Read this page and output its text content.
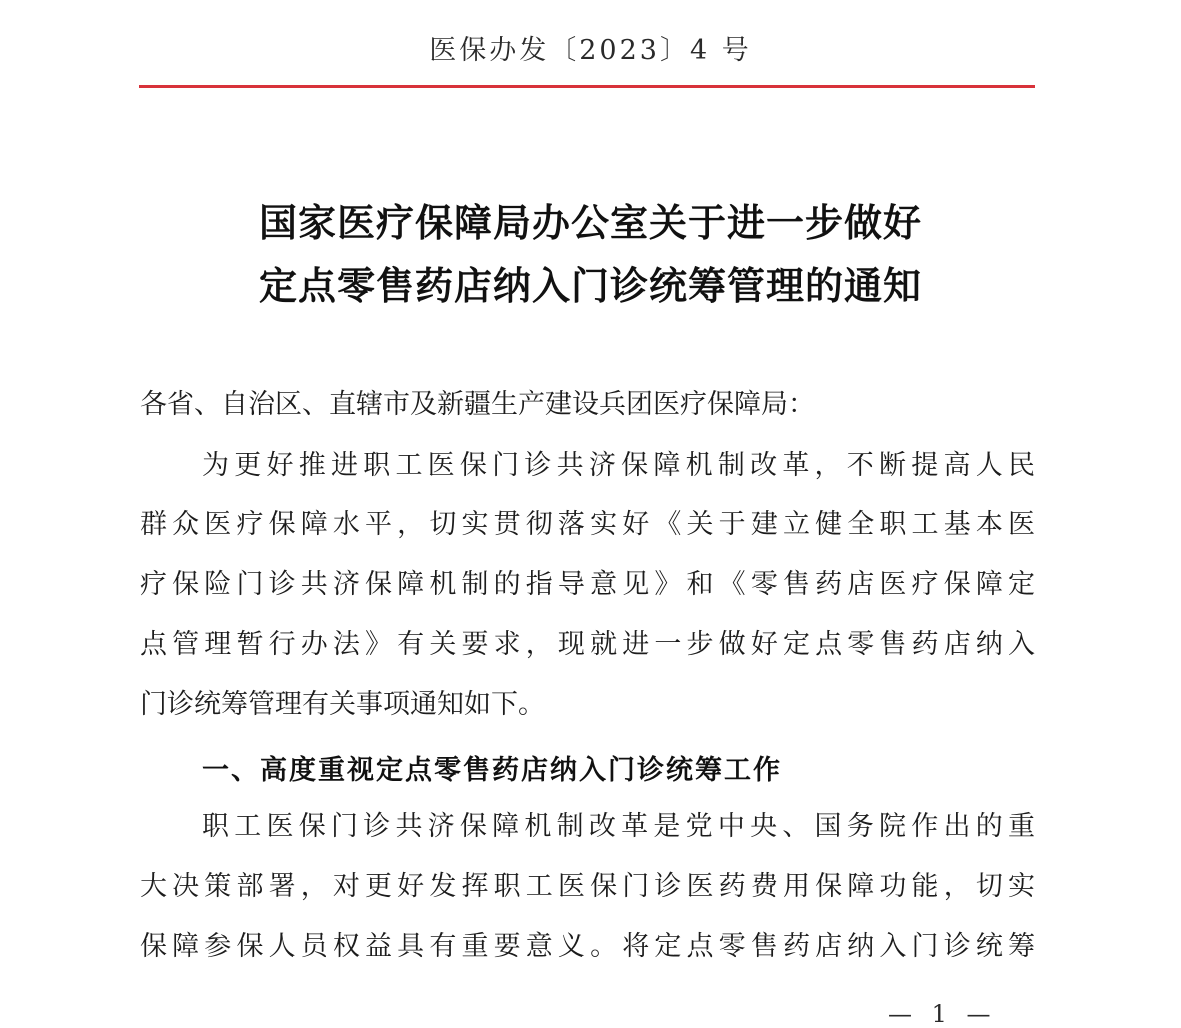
医保办发〔2023〕4 号
国家医疗保障局办公室关于进一步做好
定点零售药店纳入门诊统筹管理的通知
各省、自治区、直辖市及新疆生产建设兵团医疗保障局：
为更好推进职工医保门诊共济保障机制改革，不断提高人民
群众医疗保障水平，切实贯彻落实好《关于建立健全职工基本医
疗保险门诊共济保障机制的指导意见》和《零售药店医疗保障定
点管理暂行办法》有关要求，现就进一步做好定点零售药店纳入
门诊统筹管理有关事项通知如下。
一、高度重视定点零售药店纳入门诊统筹工作
职工医保门诊共济保障机制改革是党中央、国务院作出的重
大决策部署，对更好发挥职工医保门诊医药费用保障功能，切实
保障参保人员权益具有重要意义。将定点零售药店纳入门诊统筹
— 1 —
